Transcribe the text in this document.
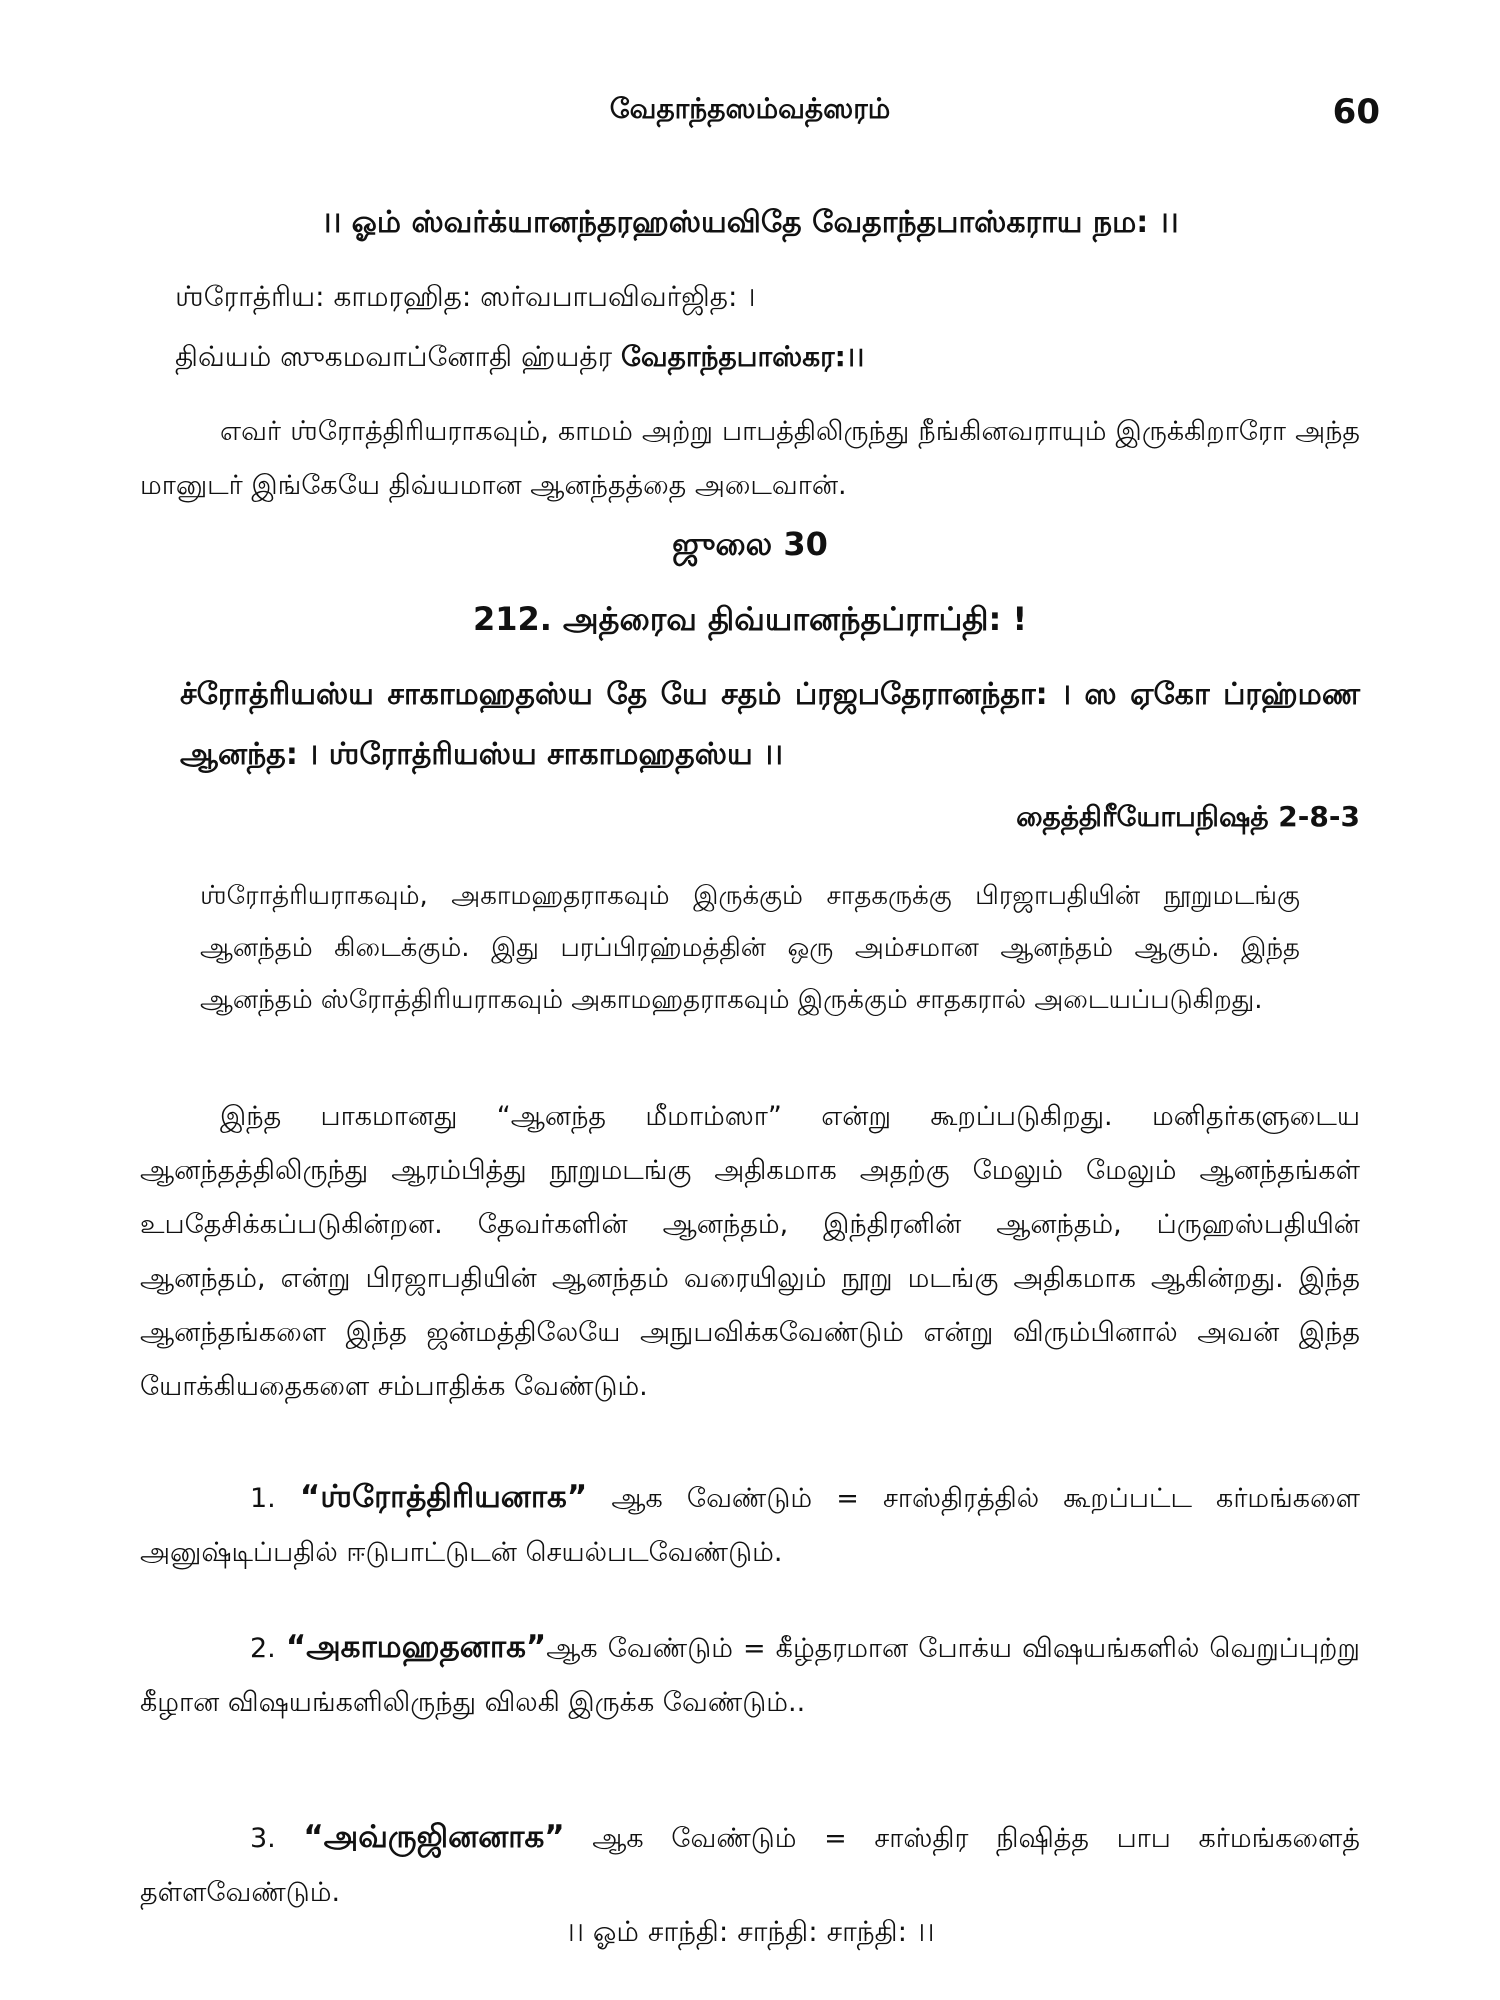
வேதாந்தஸம்வத்ஸரம்	60
।। ஓம் ஸ்வர்க்யானந்தரஹஸ்யவிதே வேதாந்தபாஸ்கராய நம: ।।
ஶ்ரோத்ரிய: காமரஹித: ஸர்வபாபவிவர்ஜித: ।
திவ்யம் ஸுகமவாப்னோதி ஹ்யத்ர வேதாந்தபாஸ்கர:।।
எவர் ஶ்ரோத்திரியராகவும், காமம் அற்று பாபத்திலிருந்து நீங்கினவராயும் இருக்கிறாரோ அந்த மானுடர் இங்கேயே திவ்யமான ஆனந்தத்தை அடைவான்.
ஜுலை 30
212. அத்ரைவ திவ்யானந்தப்ராப்தி: !
ச்ரோத்ரியஸ்ய சாகாமஹதஸ்ய தே யே சதம் ப்ரஜபதேரானந்தா: । ஸ ஏகோ ப்ரஹ்மண ஆனந்த: । ஶ்ரோத்ரியஸ்ய சாகாமஹதஸ்ய ।।
தைத்திரீயோபநிஷத் 2-8-3
ஶ்ரோத்ரியராகவும், அகாமஹதராகவும் இருக்கும் சாதகருக்கு பிரஜாபதியின் நூறுமடங்கு ஆனந்தம் கிடைக்கும். இது பரப்பிரஹ்மத்தின் ஒரு அம்சமான ஆனந்தம் ஆகும். இந்த ஆனந்தம் ஸ்ரோத்திரியராகவும் அகாமஹதராகவும் இருக்கும் சாதகரால் அடையப்படுகிறது.
இந்த பாகமானது “ஆனந்த மீமாம்ஸா” என்று கூறப்படுகிறது. மனிதர்களுடைய ஆனந்தத்திலிருந்து ஆரம்பித்து நூறுமடங்கு அதிகமாக அதற்கு மேலும் மேலும் ஆனந்தங்கள் உபதேசிக்கப்படுகின்றன. தேவர்களின் ஆனந்தம், இந்திரனின் ஆனந்தம், ப்ருஹஸ்பதியின் ஆனந்தம், என்று பிரஜாபதியின் ஆனந்தம் வரையிலும் நூறு மடங்கு அதிகமாக ஆகின்றது. இந்த ஆனந்தங்களை இந்த ஜன்மத்திலேயே அநுபவிக்கவேண்டும் என்று விரும்பினால் அவன் இந்த யோக்கியதைகளை சம்பாதிக்க வேண்டும்.
1. “ஶ்ரோத்திரியனாக” ஆக வேண்டும் = சாஸ்திரத்தில் கூறப்பட்ட கர்மங்களை அனுஷ்டிப்பதில் ஈடுபாட்டுடன் செயல்படவேண்டும்.
2. “அகாமஹதனாக”ஆக வேண்டும் = கீழ்தரமான போக்ய விஷயங்களில் வெறுப்புற்று கீழான விஷயங்களிலிருந்து விலகி இருக்க வேண்டும்..
3. “அவ்ருஜினனாக” ஆக வேண்டும் = சாஸ்திர நிஷித்த பாப கர்மங்களைத் தள்ளவேண்டும்.
।। ஓம் சாந்தி: சாந்தி: சாந்தி: ।।
